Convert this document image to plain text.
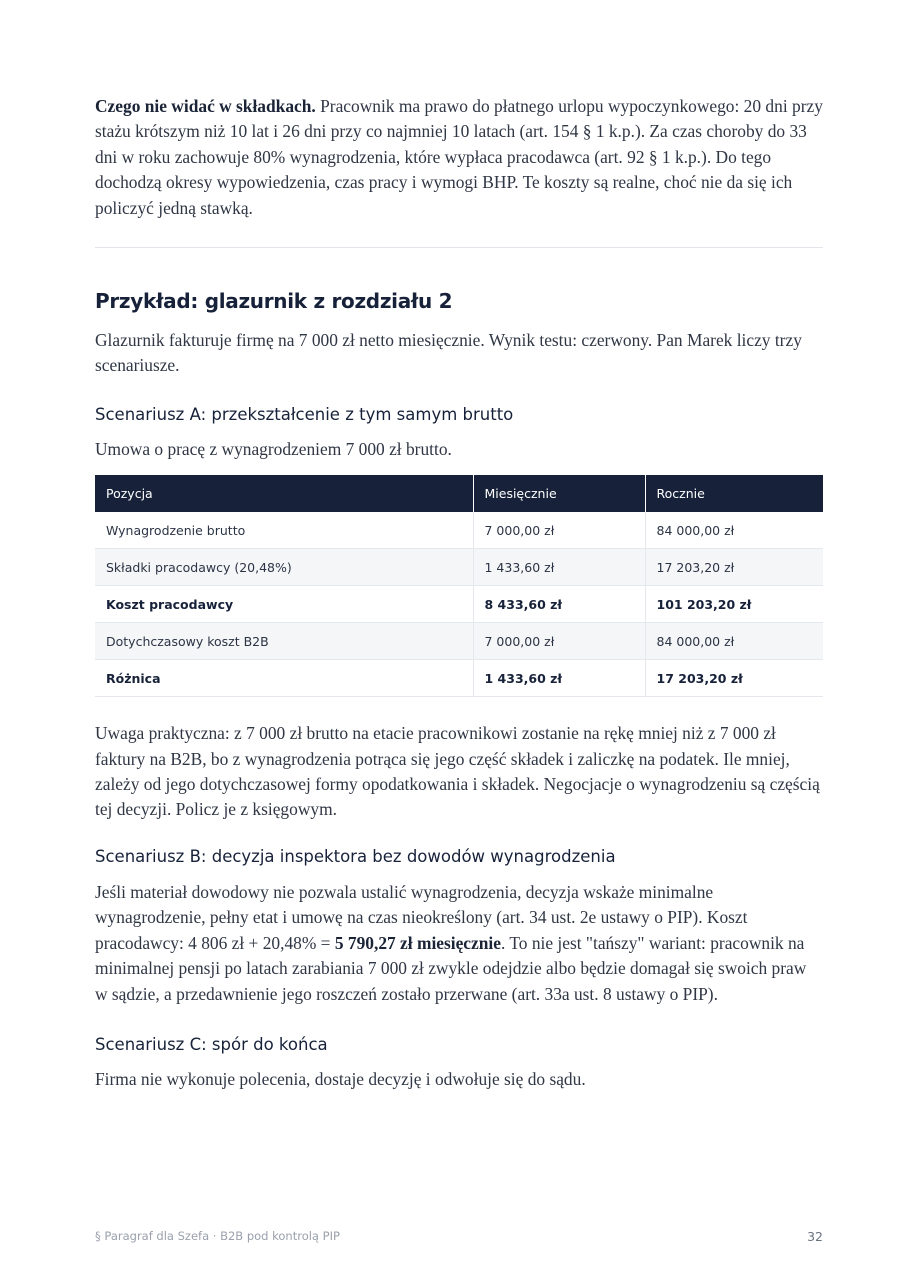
Czego nie widać w składkach. Pracownik ma prawo do płatnego urlopu wypoczynkowego: 20 dni przy stażu krótszym niż 10 lat i 26 dni przy co najmniej 10 latach (art. 154 § 1 k.p.). Za czas choroby do 33 dni w roku zachowuje 80% wynagrodzenia, które wypłaca pracodawca (art. 92 § 1 k.p.). Do tego dochodzą okresy wypowiedzenia, czas pracy i wymogi BHP. Te koszty są realne, choć nie da się ich policzyć jedną stawką.

Przykład: glazurnik z rozdziału 2

Glazurnik fakturuje firmę na 7 000 zł netto miesięcznie. Wynik testu: czerwony. Pan Marek liczy trzy scenariusze.

Scenariusz A: przekształcenie z tym samym brutto

Umowa o pracę z wynagrodzeniem 7 000 zł brutto.

Pozycja	Miesięcznie	Rocznie
Wynagrodzenie brutto	7 000,00 zł	84 000,00 zł
Składki pracodawcy (20,48%)	1 433,60 zł	17 203,20 zł
Koszt pracodawcy	8 433,60 zł	101 203,20 zł
Dotychczasowy koszt B2B	7 000,00 zł	84 000,00 zł
Różnica	1 433,60 zł	17 203,20 zł

Uwaga praktyczna: z 7 000 zł brutto na etacie pracownikowi zostanie na rękę mniej niż z 7 000 zł faktury na B2B, bo z wynagrodzenia potrąca się jego część składek i zaliczkę na podatek. Ile mniej, zależy od jego dotychczasowej formy opodatkowania i składek. Negocjacje o wynagrodzeniu są częścią tej decyzji. Policz je z księgowym.

Scenariusz B: decyzja inspektora bez dowodów wynagrodzenia

Jeśli materiał dowodowy nie pozwala ustalić wynagrodzenia, decyzja wskaże minimalne wynagrodzenie, pełny etat i umowę na czas nieokreślony (art. 34 ust. 2e ustawy o PIP). Koszt pracodawcy: 4 806 zł + 20,48% = 5 790,27 zł miesięcznie. To nie jest "tańszy" wariant: pracownik na minimalnej pensji po latach zarabiania 7 000 zł zwykle odejdzie albo będzie domagał się swoich praw w sądzie, a przedawnienie jego roszczeń zostało przerwane (art. 33a ust. 8 ustawy o PIP).

Scenariusz C: spór do końca

Firma nie wykonuje polecenia, dostaje decyzję i odwołuje się do sądu.

§ Paragraf dla Szefa · B2B pod kontrolą PIP	32
